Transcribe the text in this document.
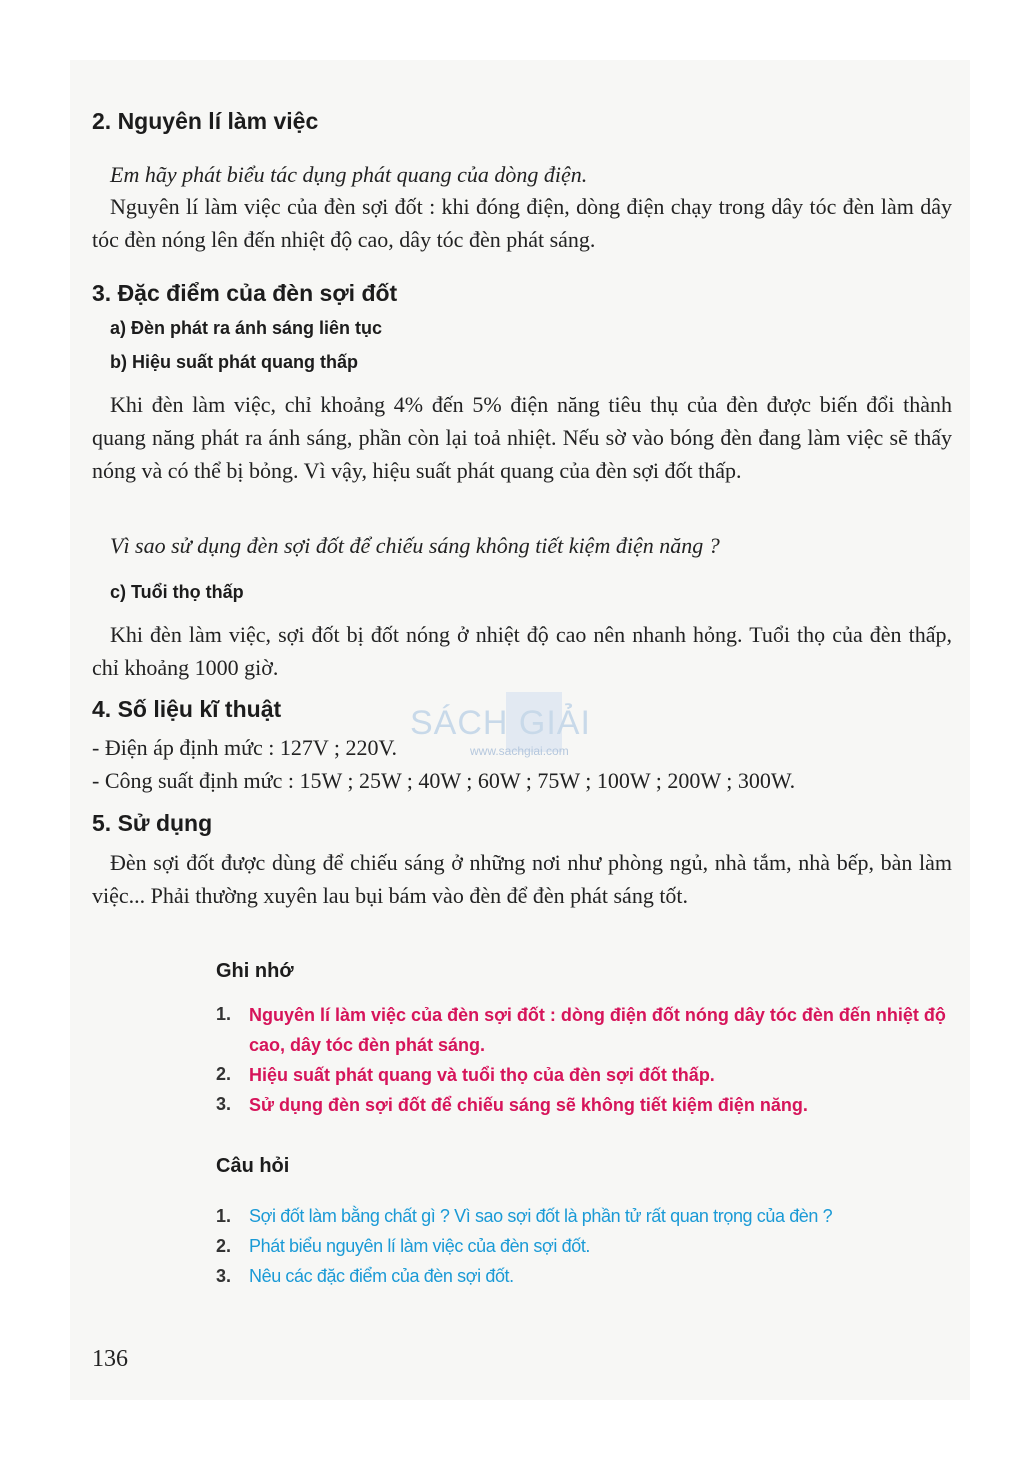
2. Nguyên lí làm việc
Em hãy phát biểu tác dụng phát quang của dòng điện.
Nguyên lí làm việc của đèn sợi đốt : khi đóng điện, dòng điện chạy trong dây tóc đèn làm dây tóc đèn nóng lên đến nhiệt độ cao, dây tóc đèn phát sáng.
3. Đặc điểm của đèn sợi đốt
a) Đèn phát ra ánh sáng liên tục
b) Hiệu suất phát quang thấp
Khi đèn làm việc, chỉ khoảng 4% đến 5% điện năng tiêu thụ của đèn được biến đổi thành quang năng phát ra ánh sáng, phần còn lại toả nhiệt. Nếu sờ vào bóng đèn đang làm việc sẽ thấy nóng và có thể bị bỏng. Vì vậy, hiệu suất phát quang của đèn sợi đốt thấp.
Vì sao sử dụng đèn sợi đốt để chiếu sáng không tiết kiệm điện năng ?
c) Tuổi thọ thấp
Khi đèn làm việc, sợi đốt bị đốt nóng ở nhiệt độ cao nên nhanh hỏng. Tuổi thọ của đèn thấp, chỉ khoảng 1000 giờ.
4. Số liệu kĩ thuật
- Điện áp định mức : 127V ; 220V.
- Công suất định mức : 15W ; 25W ; 40W ; 60W ; 75W ; 100W ; 200W ; 300W.
SÁCH GIẢI
www.sachgiai.com
5. Sử dụng
Đèn sợi đốt được dùng để chiếu sáng ở những nơi như phòng ngủ, nhà tắm, nhà bếp, bàn làm việc... Phải thường xuyên lau bụi bám vào đèn để đèn phát sáng tốt.
Ghi nhớ
1. Nguyên lí làm việc của đèn sợi đốt : dòng điện đốt nóng dây tóc đèn đến nhiệt độ cao, dây tóc đèn phát sáng.
2. Hiệu suất phát quang và tuổi thọ của đèn sợi đốt thấp.
3. Sử dụng đèn sợi đốt để chiếu sáng sẽ không tiết kiệm điện năng.
Câu hỏi
1. Sợi đốt làm bằng chất gì ? Vì sao sợi đốt là phần tử rất quan trọng của đèn ?
2. Phát biểu nguyên lí làm việc của đèn sợi đốt.
3. Nêu các đặc điểm của đèn sợi đốt.
136
